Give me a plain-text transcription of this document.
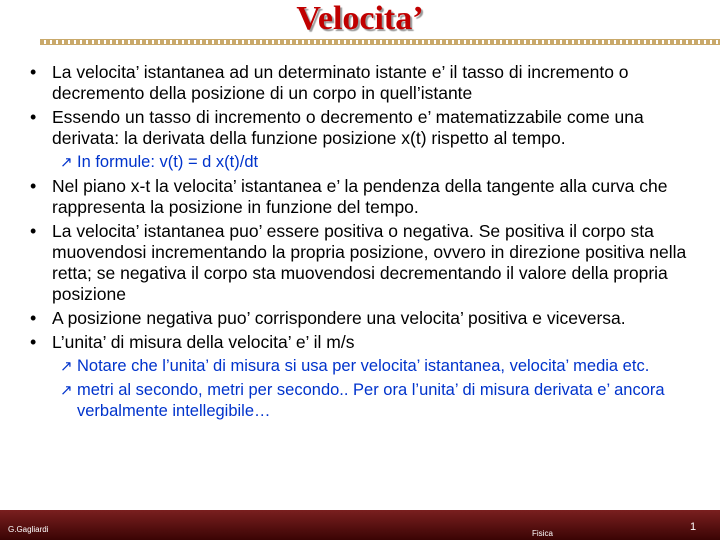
Velocita’
• La velocita’ istantanea ad un determinato istante e’ il tasso di incremento o decremento della posizione di un corpo in quell’istante
• Essendo un tasso di incremento o decremento e’ matematizzabile come una derivata: la derivata della funzione posizione x(t) rispetto al tempo.
↗ In formule: v(t) = d x(t)/dt
• Nel piano x-t la velocita’ istantanea e’ la pendenza della tangente alla curva che rappresenta la posizione in funzione del tempo.
• La velocita’ istantanea puo’ essere positiva o negativa. Se positiva il corpo sta muovendosi incrementando la propria posizione, ovvero in direzione positiva nella retta; se negativa il corpo sta muovendosi decrementando il valore della propria posizione
• A posizione negativa puo’ corrispondere una velocita’ positiva e viceversa.
• L’unita’ di misura della velocita’ e’ il m/s
↗ Notare che l’unita’ di misura si usa per velocita’ istantanea, velocita’ media etc.
↗ metri al secondo, metri per secondo.. Per ora l’unita’ di misura derivata e’ ancora verbalmente intellegibile…
G.Gagliardi	Fisica
1
